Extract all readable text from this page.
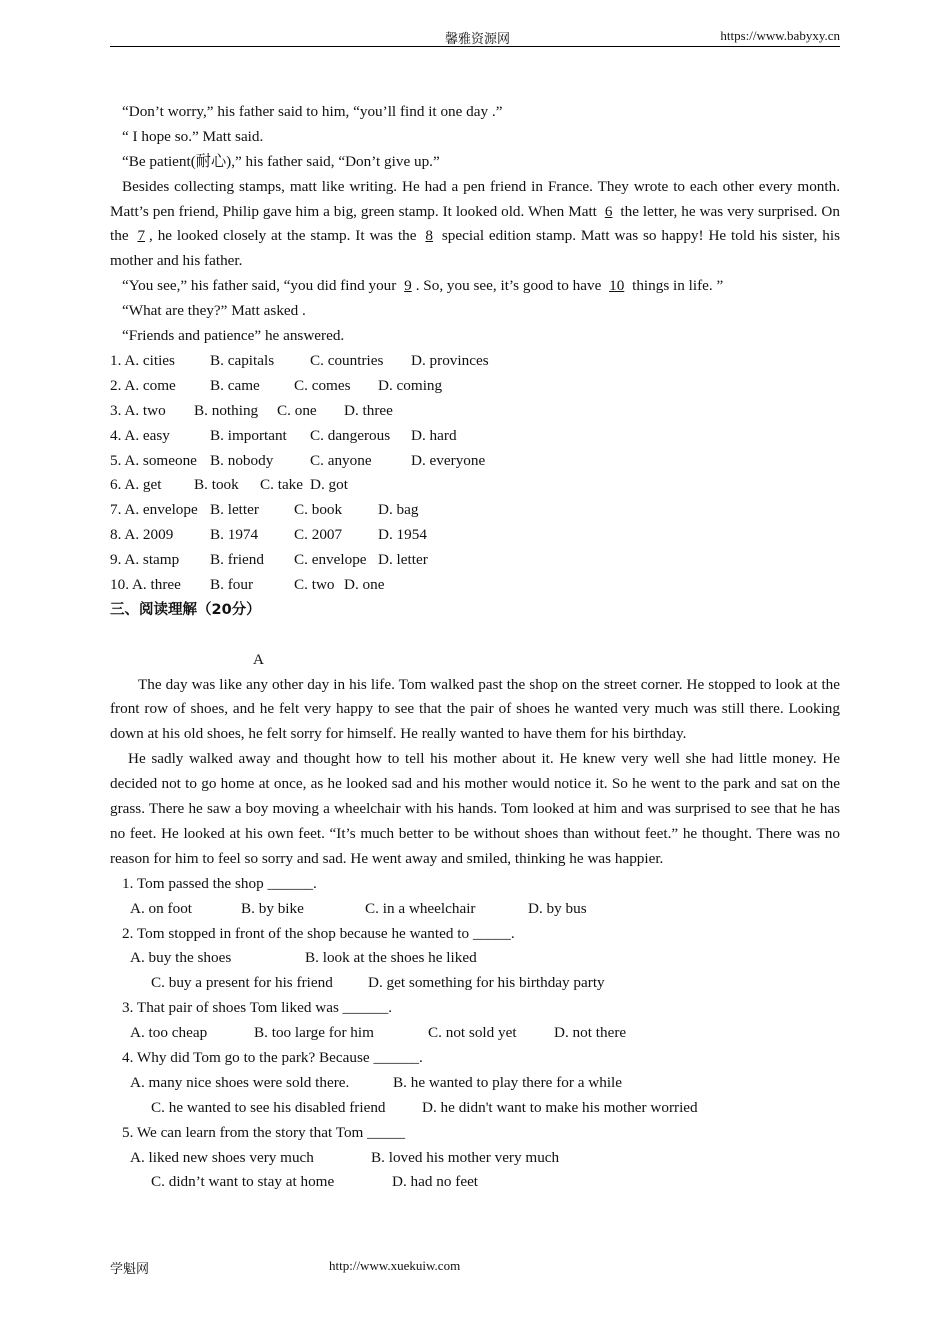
馨雅资源网	https://www.babyxy.cn
“Don’t worry,” his father said to him, “you’ll find it one day .”
“ I hope so.” Matt said.
“Be patient(耐心),” his father said, “Don’t give up.”
Besides collecting stamps, matt like writing. He had a pen friend in France. They wrote to each other every month. Matt’s pen friend, Philip gave him a big, green stamp. It looked old. When Matt 6 the letter, he was very surprised. On the 7 , he looked closely at the stamp. It was the 8 special edition stamp. Matt was so happy! He told his sister, his mother and his father.
“You see,” his father said, “you did find your 9 . So, you see, it’s good to have 10 things in life. ”
“What are they?” Matt asked .
“Friends and patience” he answered.
1. A. cities B. capitals C. countries D. provinces
2. A. come B. came C. comes D. coming
3. A. two B. nothing C. one D. three
4. A. easy	B. important C. dangerous D. hard
5. A. someone B. nobody C. anyone	D. everyone
6. A. get B. took C. take D. got
7. A. envelope B. letter C. book D. bag
8. A. 2009 B. 1974 C. 2007 D. 1954
9. A. stamp B. friend C. envelope D. letter
10. A. three B. four	C. two D. one
三、阅读理解（20分）
A
The day was like any other day in his life. Tom walked past the shop on the street corner. He stopped to look at the front row of shoes, and he felt very happy to see that the pair of shoes he wanted very much was still there. Looking down at his old shoes, he felt sorry for himself. He really wanted to have them for his birthday.
He sadly walked away and thought how to tell his mother about it. He knew very well she had little money. He decided not to go home at once, as he looked sad and his mother would notice it. So he went to the park and sat on the grass. There he saw a boy moving a wheelchair with his hands. Tom looked at him and was surprised to see that he has no feet. He looked at his own feet. “It’s much better to be without shoes than without feet.” he thought. There was no reason for him to feel so sorry and sad. He went away and smiled, thinking he was happier.
1. Tom passed the shop ______.
A. on foot	B. by bike	C. in a wheelchair	D. by bus
2. Tom stopped in front of the shop because he wanted to _____.
A. buy the shoes	B. look at the shoes he liked
C. buy a present for his friend D. get something for his birthday party
3. That pair of shoes Tom liked was ______.
A. too cheap	B. too large for him	C. not sold yet D. not there
4. Why did Tom go to the park? Because ______.
A. many nice shoes were sold there.	B. he wanted to play there for a while
C. he wanted to see his disabled friend D. he didn't want to make his mother worried
5. We can learn from the story that Tom _____
A. liked new shoes very much	B. loved his mother very much
C. didn’t want to stay at home	D. had no feet
学魁网	http://www.xuekuiw.com
